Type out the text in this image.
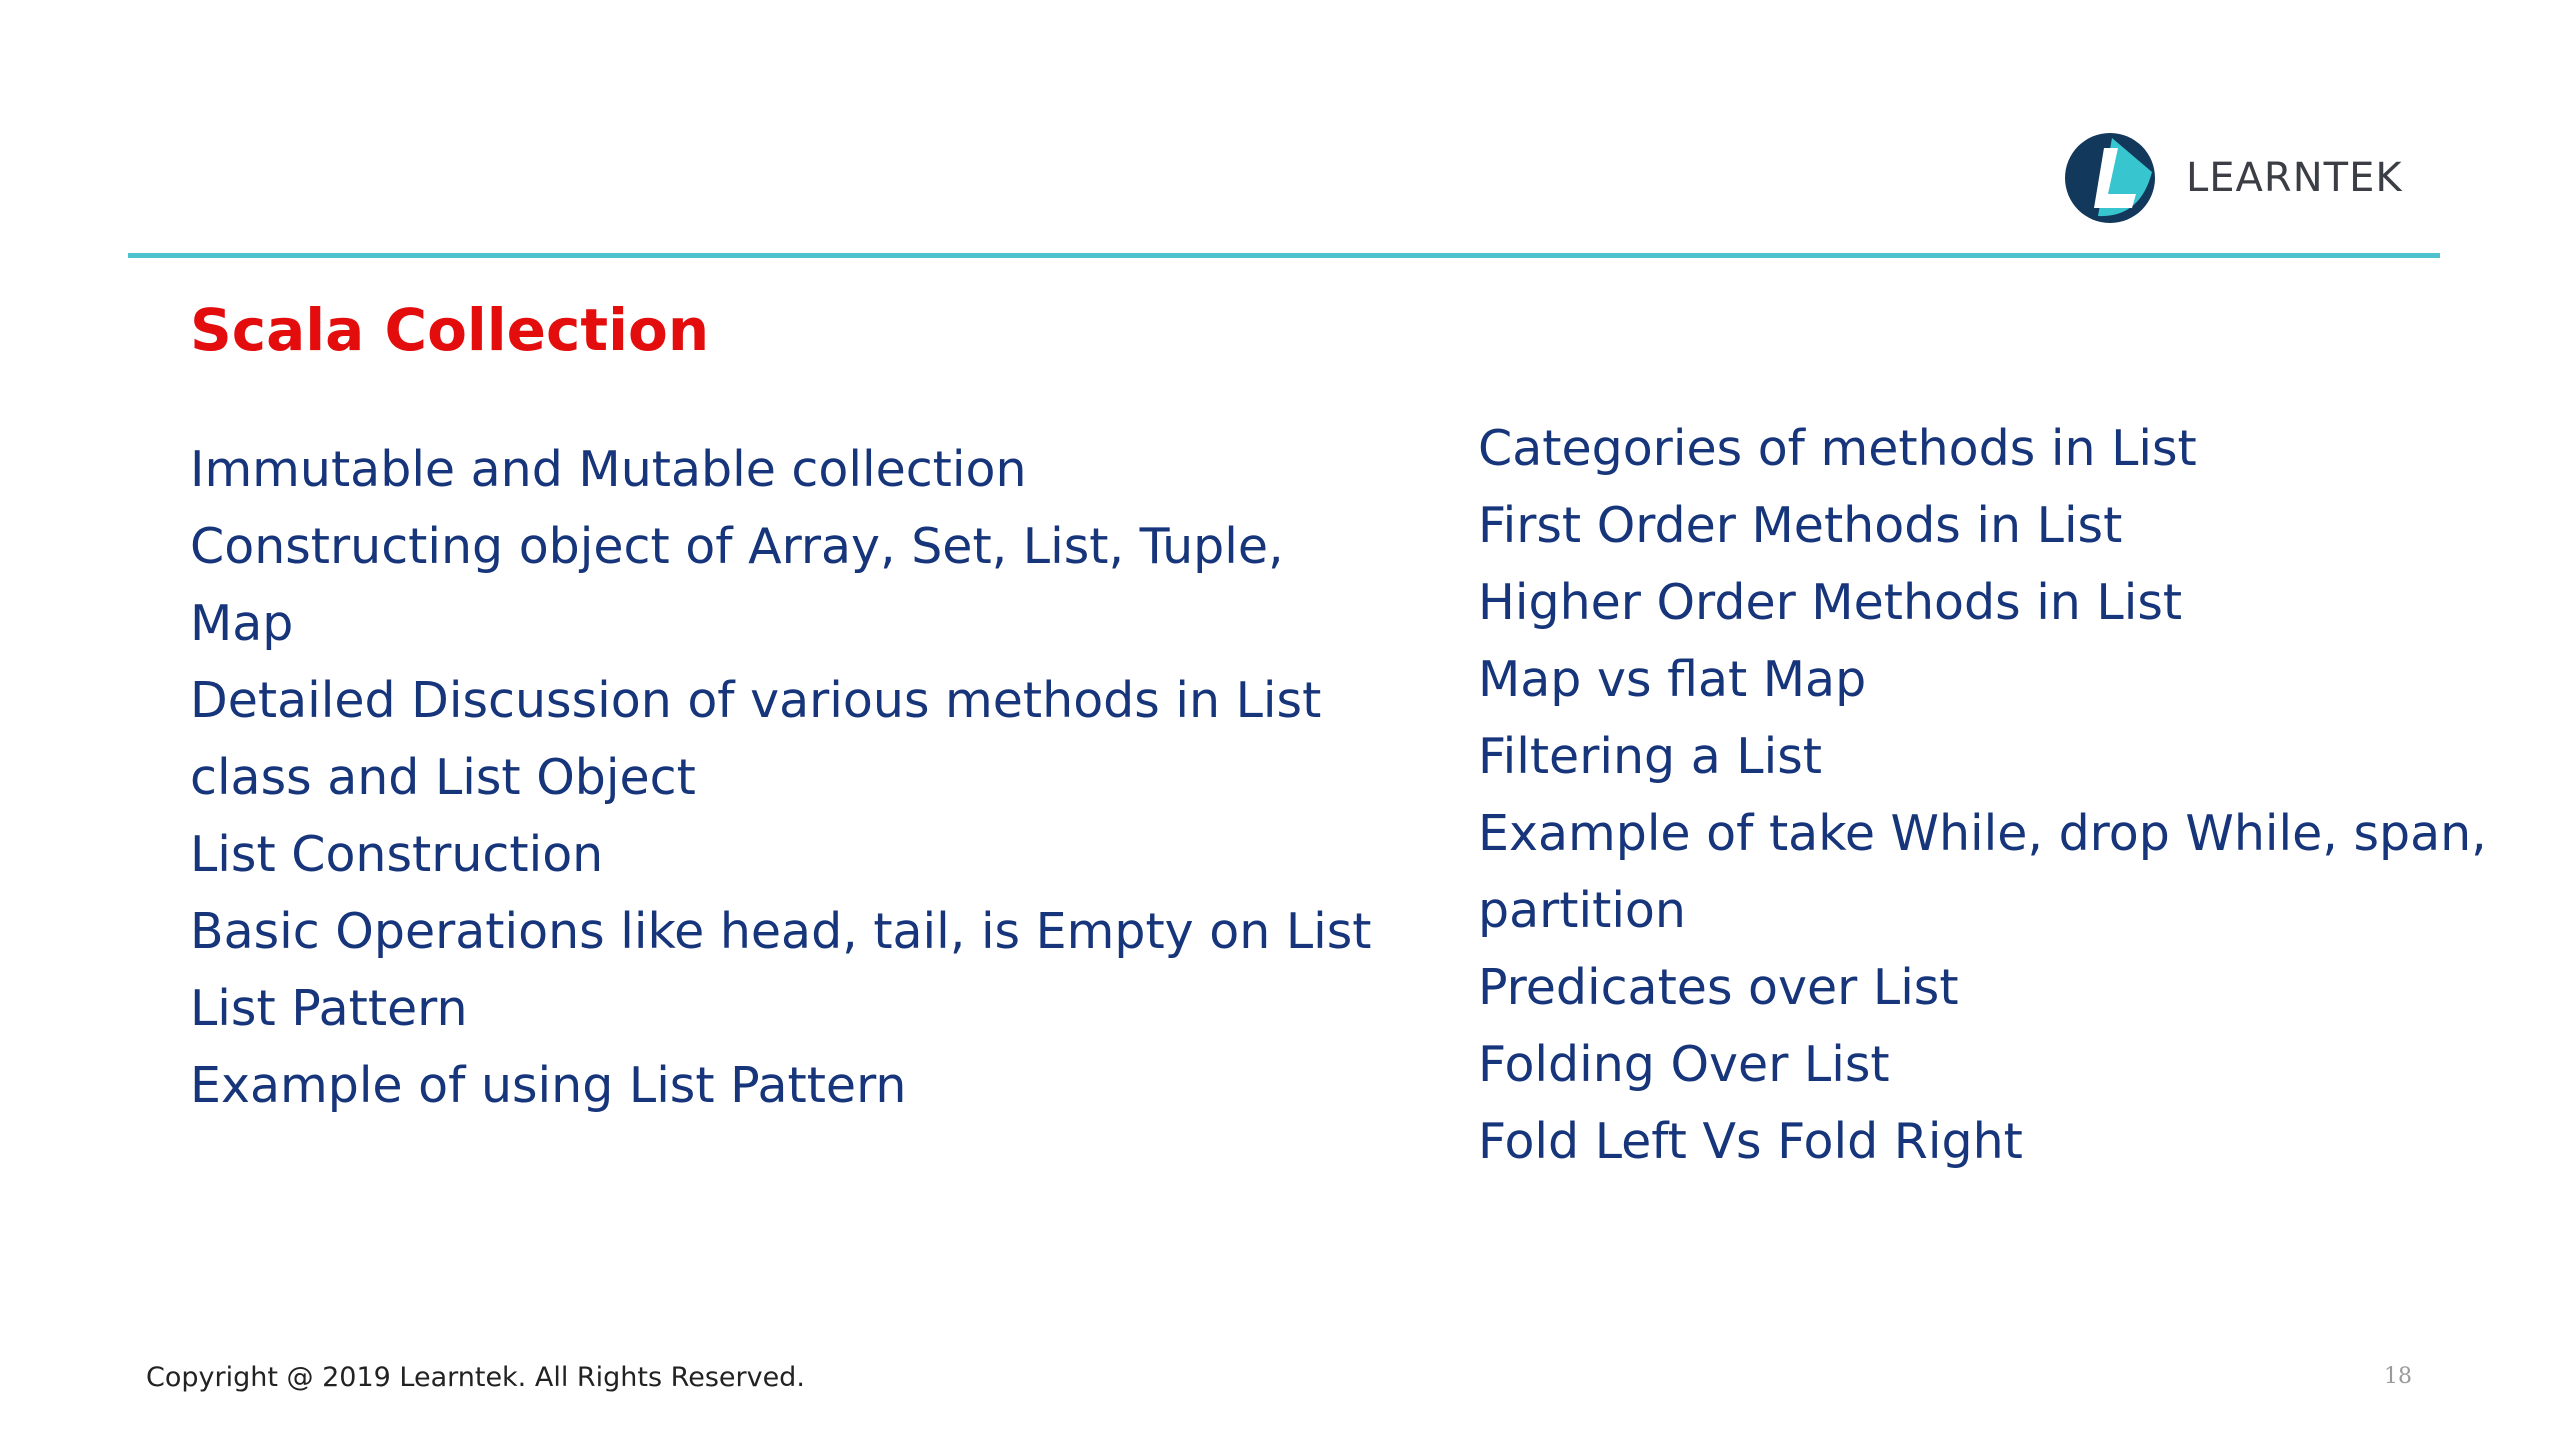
LEARNTEK
Scala Collection
Immutable and Mutable collection
Constructing object of Array, Set, List, Tuple,
Map
Detailed Discussion of various methods in List
class and List Object
List Construction
Basic Operations like head, tail, is Empty on List
List Pattern
Example of using List Pattern
Categories of methods in List
First Order Methods in List
Higher Order Methods in List
Map vs flat Map
Filtering a List
Example of take While, drop While, span,
partition
Predicates over List
Folding Over List
Fold Left Vs Fold Right
Copyright @ 2019 Learntek. All Rights Reserved.	18
